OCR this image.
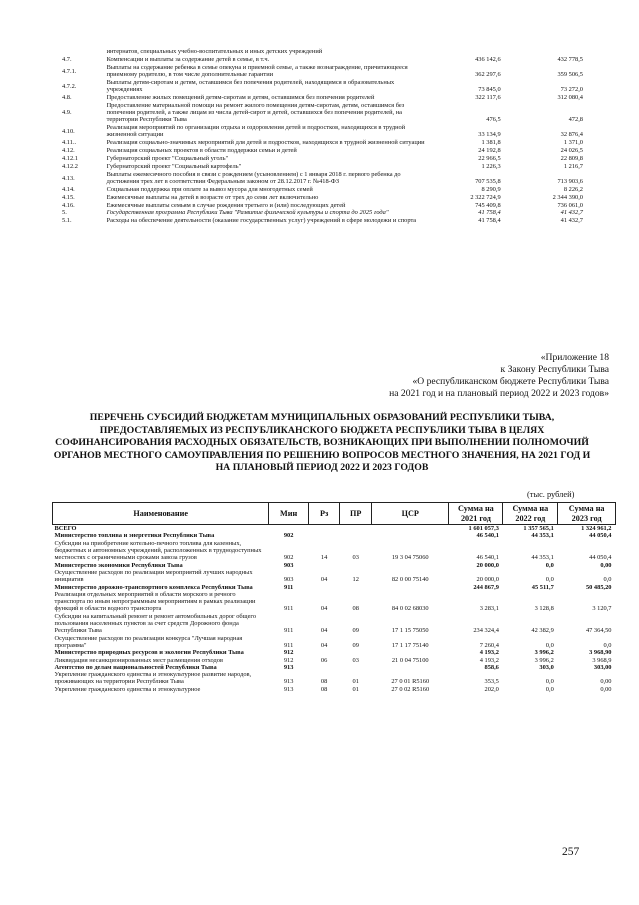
	интернатов, специальных учебно-воспитательных и иных детских учреждений		
4.7.	Компенсации и выплаты за содержание детей в семье, в т.ч.	436 142,6	432 778,5
4.7.1.	Выплаты на содержание ребенка в семье опекуна и приемной семье, а также вознаграждение, причитающееся приемному родителю, в том числе дополнительные гарантии	362 297,6	359 506,5
4.7.2.	Выплаты детям-сиротам и детям, оставшимся без попечения родителей, находящимся в образовательных учреждениях	73 845,0	73 272,0
4.8.	Предоставление жилых помещений детям-сиротам и детям, оставшимся без попечения родителей	322 117,6	312 080,4
4.9.	Предоставление материальной помощи на ремонт жилого помещения детям-сиротам, детям, оставшимся без попечения родителей, а также лицам из числа детей-сирот и детей, оставшихся без попечения родителей, на территории Республики Тыва	476,5	472,8
4.10.	Реализация мероприятий по организации отдыха и оздоровления детей и подростков, находящихся в трудной жизненной ситуации	33 134,9	32 876,4
4.11..	Реализация социально-значимых мероприятий для детей и подростков, находящихся в трудной жизненной ситуации	1 381,8	1 371,0
4.12.	Реализация социальных проектов в области поддержки семьи и детей	24 192,8	24 026,5
4.12.1	Губернаторский проект "Социальный уголь"	22 966,5	22 809,8
4.12.2	Губернаторский проект "Социальный картофель"	1 226,3	1 216,7
4.13.	Выплаты ежемесячного пособия в связи с рождением (усыновлением) с 1 января 2018 г. первого ребенка до достижения трех лет в соответствии Федеральным законом от 28.12.2017 г. №418-ФЗ	707 535,8	713 903,6
4.14.	Социальная поддержка при оплате за вывоз мусора для многодетных семей	8 290,9	8 226,2
4.15.	Ежемесячные выплаты на детей в возрасте от трех до семи лет включительно	2 322 724,9	2 344 390,0
4.16.	Ежемесячные выплаты семьям в случае рождения третьего и (или) последующих детей	745 409,8	736 061,0
5.	Государственная программа Республики Тыва "Развитие физической культуры и спорта до 2025 года"	41 758,4	41 432,7
5.1.	Расходы на обеспечение деятельности (оказание государственных услуг) учреждений в сфере молодежи и спорта	41 758,4	41 432,7
«Приложение 18
к Закону Республики Тыва
«О республиканском бюджете Республики Тыва
на 2021 год и на плановый период 2022 и 2023 годов»
ПЕРЕЧЕНЬ СУБСИДИЙ БЮДЖЕТАМ МУНИЦИПАЛЬНЫХ ОБРАЗОВАНИЙ РЕСПУБЛИКИ ТЫВА, ПРЕДОСТАВЛЯЕМЫХ ИЗ РЕСПУБЛИКАНСКОГО БЮДЖЕТА РЕСПУБЛИКИ ТЫВА В ЦЕЛЯХ СОФИНАНСИРОВАНИЯ РАСХОДНЫХ ОБЯЗАТЕЛЬСТВ, ВОЗНИКАЮЩИХ ПРИ ВЫПОЛНЕНИИ ПОЛНОМОЧИЙ ОРГАНОВ МЕСТНОГО САМОУПРАВЛЕНИЯ ПО РЕШЕНИЮ ВОПРОСОВ МЕСТНОГО ЗНАЧЕНИЯ, НА 2021 ГОД И НА ПЛАНОВЫЙ ПЕРИОД 2022 И 2023 ГОДОВ
(тыс. рублей)
Наименование	Мин	Рз	ПР	ЦСР	Сумма на 2021 год	Сумма на 2022 год	Сумма на 2023 год
ВСЕГО					1 601 057,3	1 357 565,1	1 324 961,2
Министерство топлива и энергетики Республики Тыва	902				46 540,1	44 353,1	44 050,4
Субсидии на приобретение котельно-печного топлива для казенных, бюджетных и автономных учреждений, расположенных в труднодоступных местностях с ограниченными сроками завоза грузов	902	14	03	19 3 04 75060	46 540,1	44 353,1	44 050,4
Министерство экономики Республики Тыва	903				20 000,0	0,0	0,00
Осуществление расходов по реализации мероприятий лучших народных инициатив	903	04	12	82 0 00 75140	20 000,0	0,0	0,0
Министерство дорожно-транспортного комплекса Республики Тыва	911				244 867,9	45 511,7	50 485,20
Реализация отдельных мероприятий в области морского и речного транспорта по иным непрограммным мероприятиям в рамках реализации функций в области водного транспорта	911	04	08	84 0 02 68030	3 283,1	3 128,8	3 120,7
Субсидии на капитальный ремонт и ремонт автомобильных дорог общего пользования населенных пунктов за счет средств Дорожного фонда Республики Тыва	911	04	09	17 1 15 75050	234 324,4	42 382,9	47 364,50
Осуществление расходов по реализации конкурса "Лучшая народная программа"	911	04	09	17 1 17 75140	7 260,4	0,0	0,0
Министерство природных ресурсов и экологии Республики Тыва	912				4 193,2	3 996,2	3 968,90
Ликвидация несанкционированных мест размещения отходов	912	06	03	21 0 04 75100	4 193,2	3 996,2	3 968,9
Агентство по делам национальностей Республики Тыва	913				858,6	303,0	303,00
Укрепление гражданского единства и этнокультурное развитие народов, проживающих на территории Республики Тыва	913	08	01	27 0 01 R5160	353,5	0,0	0,00
Укрепление гражданского единства и этнокультурное	913	08	01	27 0 02 R5160	202,0	0,0	0,00
257
